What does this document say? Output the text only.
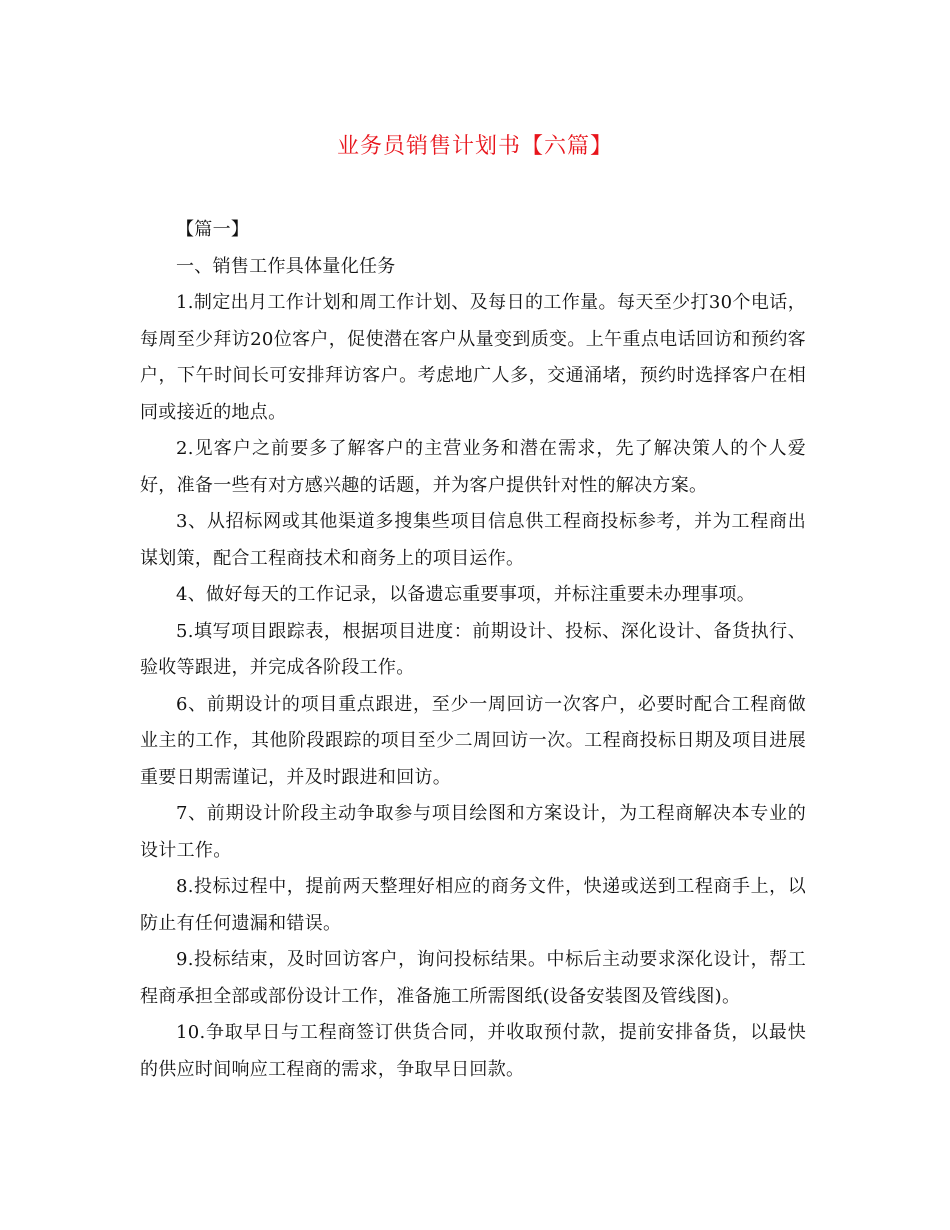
业务员销售计划书【六篇】

【篇一】

一、销售工作具体量化任务

1.制定出月工作计划和周工作计划、及每日的工作量。每天至少打30个电话，每周至少拜访20位客户，促使潜在客户从量变到质变。上午重点电话回访和预约客户，下午时间长可安排拜访客户。考虑地广人多，交通涌堵，预约时选择客户在相同或接近的地点。

2.见客户之前要多了解客户的主营业务和潜在需求，先了解决策人的个人爱好，准备一些有对方感兴趣的话题，并为客户提供针对性的解决方案。

3、从招标网或其他渠道多搜集些项目信息供工程商投标参考，并为工程商出谋划策，配合工程商技术和商务上的项目运作。

4、做好每天的工作记录，以备遗忘重要事项，并标注重要未办理事项。

5.填写项目跟踪表，根据项目进度：前期设计、投标、深化设计、备货执行、验收等跟进，并完成各阶段工作。

6、前期设计的项目重点跟进，至少一周回访一次客户，必要时配合工程商做业主的工作，其他阶段跟踪的项目至少二周回访一次。工程商投标日期及项目进展重要日期需谨记，并及时跟进和回访。

7、前期设计阶段主动争取参与项目绘图和方案设计，为工程商解决本专业的设计工作。

8.投标过程中，提前两天整理好相应的商务文件，快递或送到工程商手上，以防止有任何遗漏和错误。

9.投标结束，及时回访客户，询问投标结果。中标后主动要求深化设计，帮工程商承担全部或部份设计工作，准备施工所需图纸(设备安装图及管线图)。

10.争取早日与工程商签订供货合同，并收取预付款，提前安排备货，以最快的供应时间响应工程商的需求，争取早日回款。
